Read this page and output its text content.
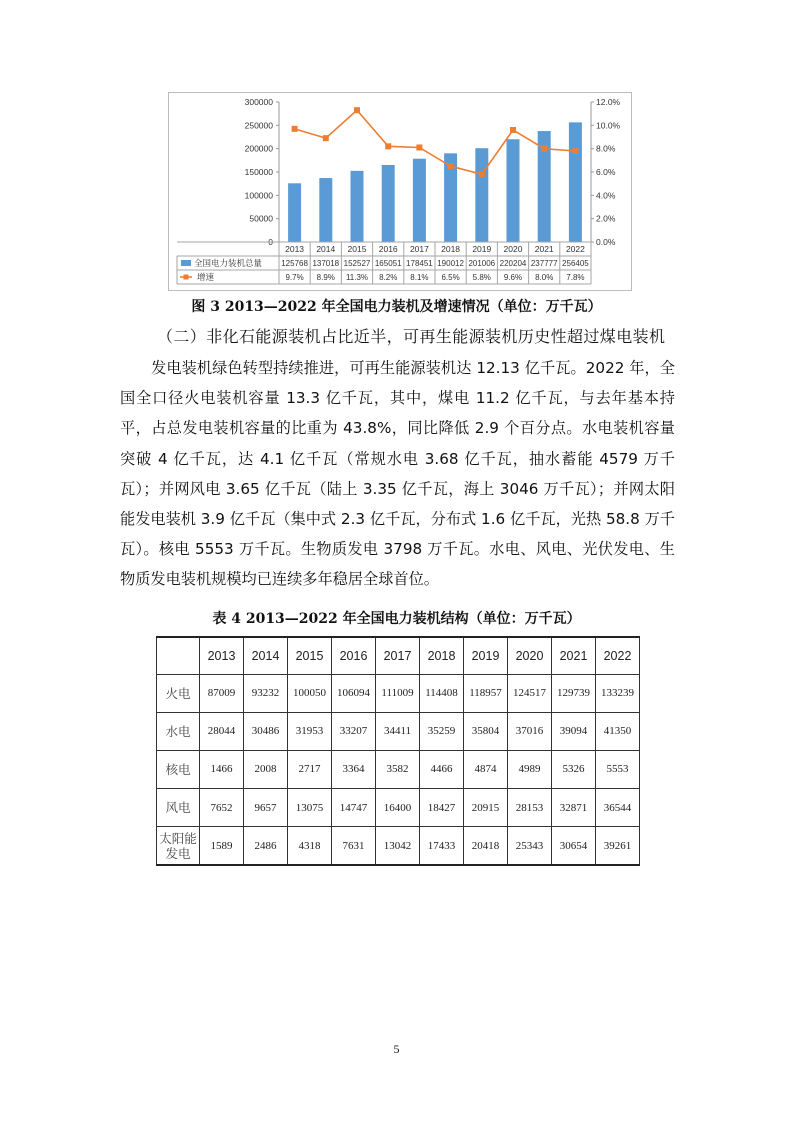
0
50000
100000
150000
200000
250000
300000
0.0%
2.0%
4.0%
6.0%
8.0%
10.0%
12.0%
2013 2014 2015 2016 2017 2018 2019 2020 2021 2022
全国电力装机总量
增速
125768 137018 152527 165051 178451 190012 201006 220204 237777 256405
9.7% 8.9% 11.3% 8.2% 8.1% 6.5% 5.8% 9.6% 8.0% 7.8%
图 3 2013—2022 年全国电力装机及增速情况（单位：万千瓦）
（二）非化石能源装机占比近半，可再生能源装机历史性超过煤电装机
发电装机绿色转型持续推进，可再生能源装机达 12.13 亿千瓦。2022 年，全国全口径火电装机容量 13.3 亿千瓦，其中，煤电 11.2 亿千瓦，与去年基本持平，占总发电装机容量的比重为 43.8%，同比降低 2.9 个百分点。水电装机容量突破 4 亿千瓦，达 4.1 亿千瓦（常规水电 3.68 亿千瓦，抽水蓄能 4579 万千瓦）；并网风电 3.65 亿千瓦（陆上 3.35 亿千瓦，海上 3046 万千瓦）；并网太阳能发电装机 3.9 亿千瓦（集中式 2.3 亿千瓦，分布式 1.6 亿千瓦，光热 58.8 万千瓦）。核电 5553 万千瓦。生物质发电 3798 万千瓦。水电、风电、光伏发电、生物质发电装机规模均已连续多年稳居全球首位。
表 4 2013—2022 年全国电力装机结构（单位：万千瓦）
	2013	2014	2015	2016	2017	2018	2019	2020	2021	2022
火电	87009	93232	100050	106094	111009	114408	118957	124517	129739	133239
水电	28044	30486	31953	33207	34411	35259	35804	37016	39094	41350
核电	1466	2008	2717	3364	3582	4466	4874	4989	5326	5553
风电	7652	9657	13075	14747	16400	18427	20915	28153	32871	36544
太阳能发电	1589	2486	4318	7631	13042	17433	20418	25343	30654	39261
5
